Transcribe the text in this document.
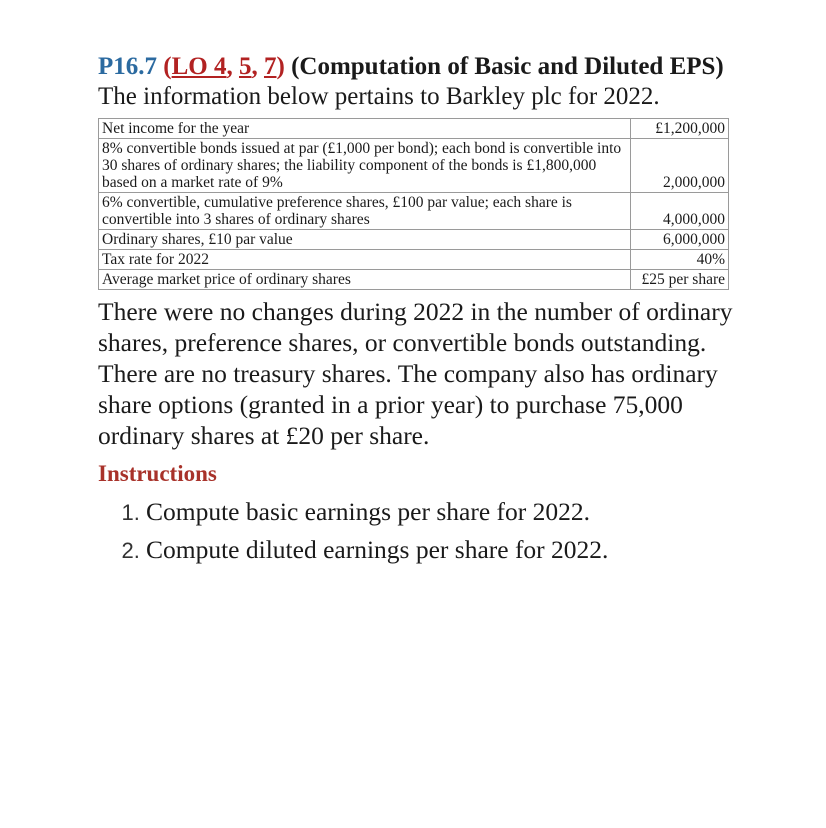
P16.7 (LO 4, 5, 7) (Computation of Basic and Diluted EPS) The information below pertains to Barkley plc for 2022.

Net income for the year	£1,200,000
8% convertible bonds issued at par (£1,000 per bond); each bond is convertible into 30 shares of ordinary shares; the liability component of the bonds is £1,800,000 based on a market rate of 9%	2,000,000
6% convertible, cumulative preference shares, £100 par value; each share is convertible into 3 shares of ordinary shares	4,000,000
Ordinary shares, £10 par value	6,000,000
Tax rate for 2022	40%
Average market price of ordinary shares	£25 per share

There were no changes during 2022 in the number of ordinary shares, preference shares, or convertible bonds outstanding. There are no treasury shares. The company also has ordinary share options (granted in a prior year) to purchase 75,000 ordinary shares at £20 per share.

Instructions

1. Compute basic earnings per share for 2022.
2. Compute diluted earnings per share for 2022.
